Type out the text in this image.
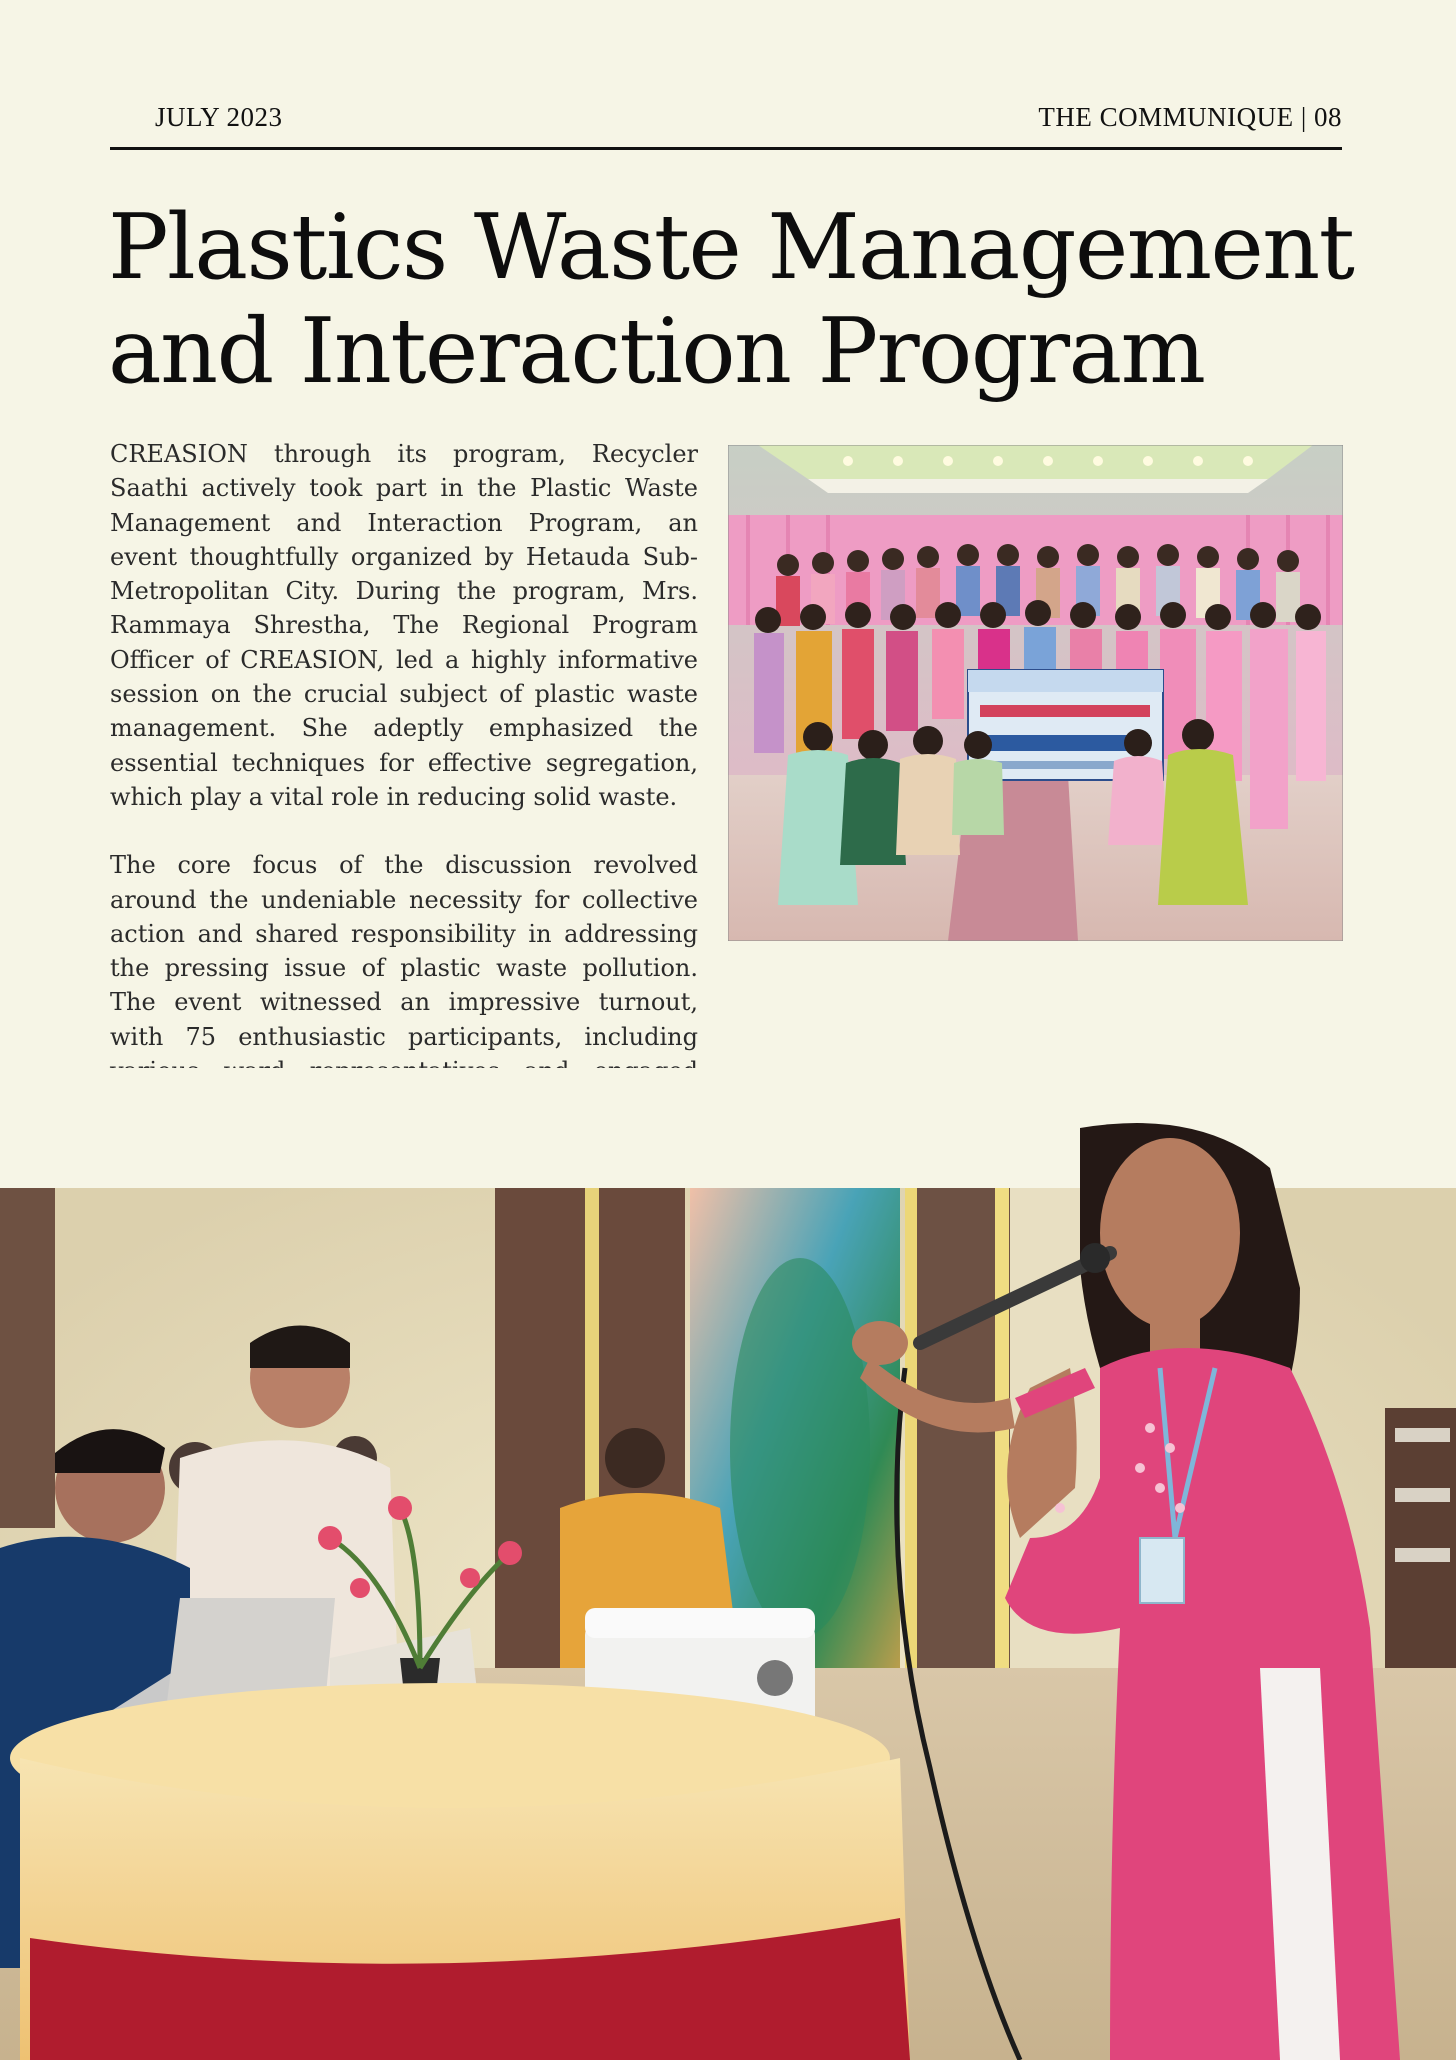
JULY 2023	THE COMMUNIQUE | 08
Plastics Waste Management
and Interaction Program

CREASION through its program, Recycler Saathi actively took part in the Plastic Waste Management and Interaction Program, an event thoughtfully organized by Hetauda Sub-Metropolitan City. During the program, Mrs. Rammaya Shrestha, The Regional Program Officer of CREASION, led a highly informative session on the crucial subject of plastic waste management. She adeptly emphasized the essential techniques for effective segregation, which play a vital role in reducing solid waste.

The core focus of the discussion revolved around the undeniable necessity for collective action and shared responsibility in addressing the pressing issue of plastic waste pollution. The event witnessed an impressive turnout, with 75 enthusiastic participants, including
